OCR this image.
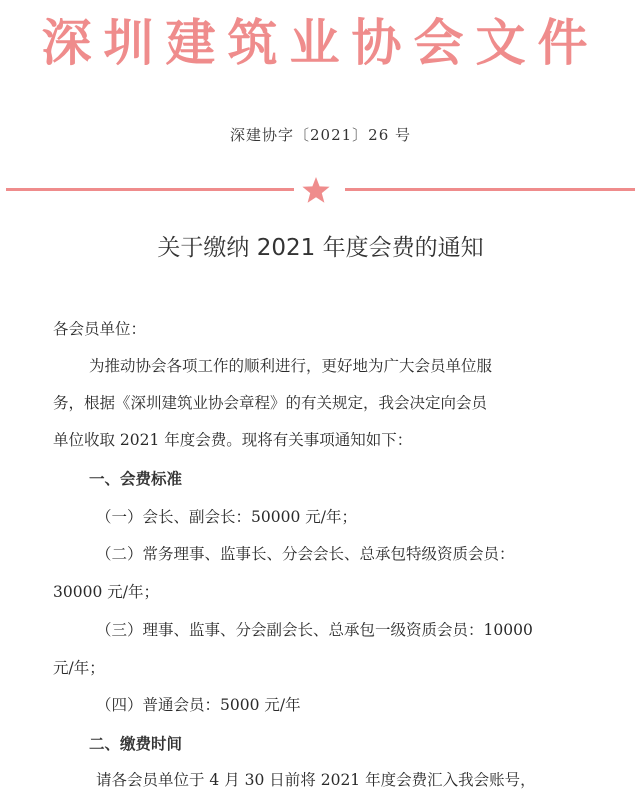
深圳建筑业协会文件
深建协字〔2021〕26 号
关于缴纳 2021 年度会费的通知
各会员单位：
为推动协会各项工作的顺利进行，更好地为广大会员单位服
务，根据《深圳建筑业协会章程》的有关规定，我会决定向会员
单位收取 2021 年度会费。现将有关事项通知如下：
一、会费标准
（一）会长、副会长：50000 元/年；
（二）常务理事、监事长、分会会长、总承包特级资质会员：
30000 元/年；
（三）理事、监事、分会副会长、总承包一级资质会员：10000
元/年；
（四）普通会员：5000 元/年
二、缴费时间
请各会员单位于 4 月 30 日前将 2021 年度会费汇入我会账号，
